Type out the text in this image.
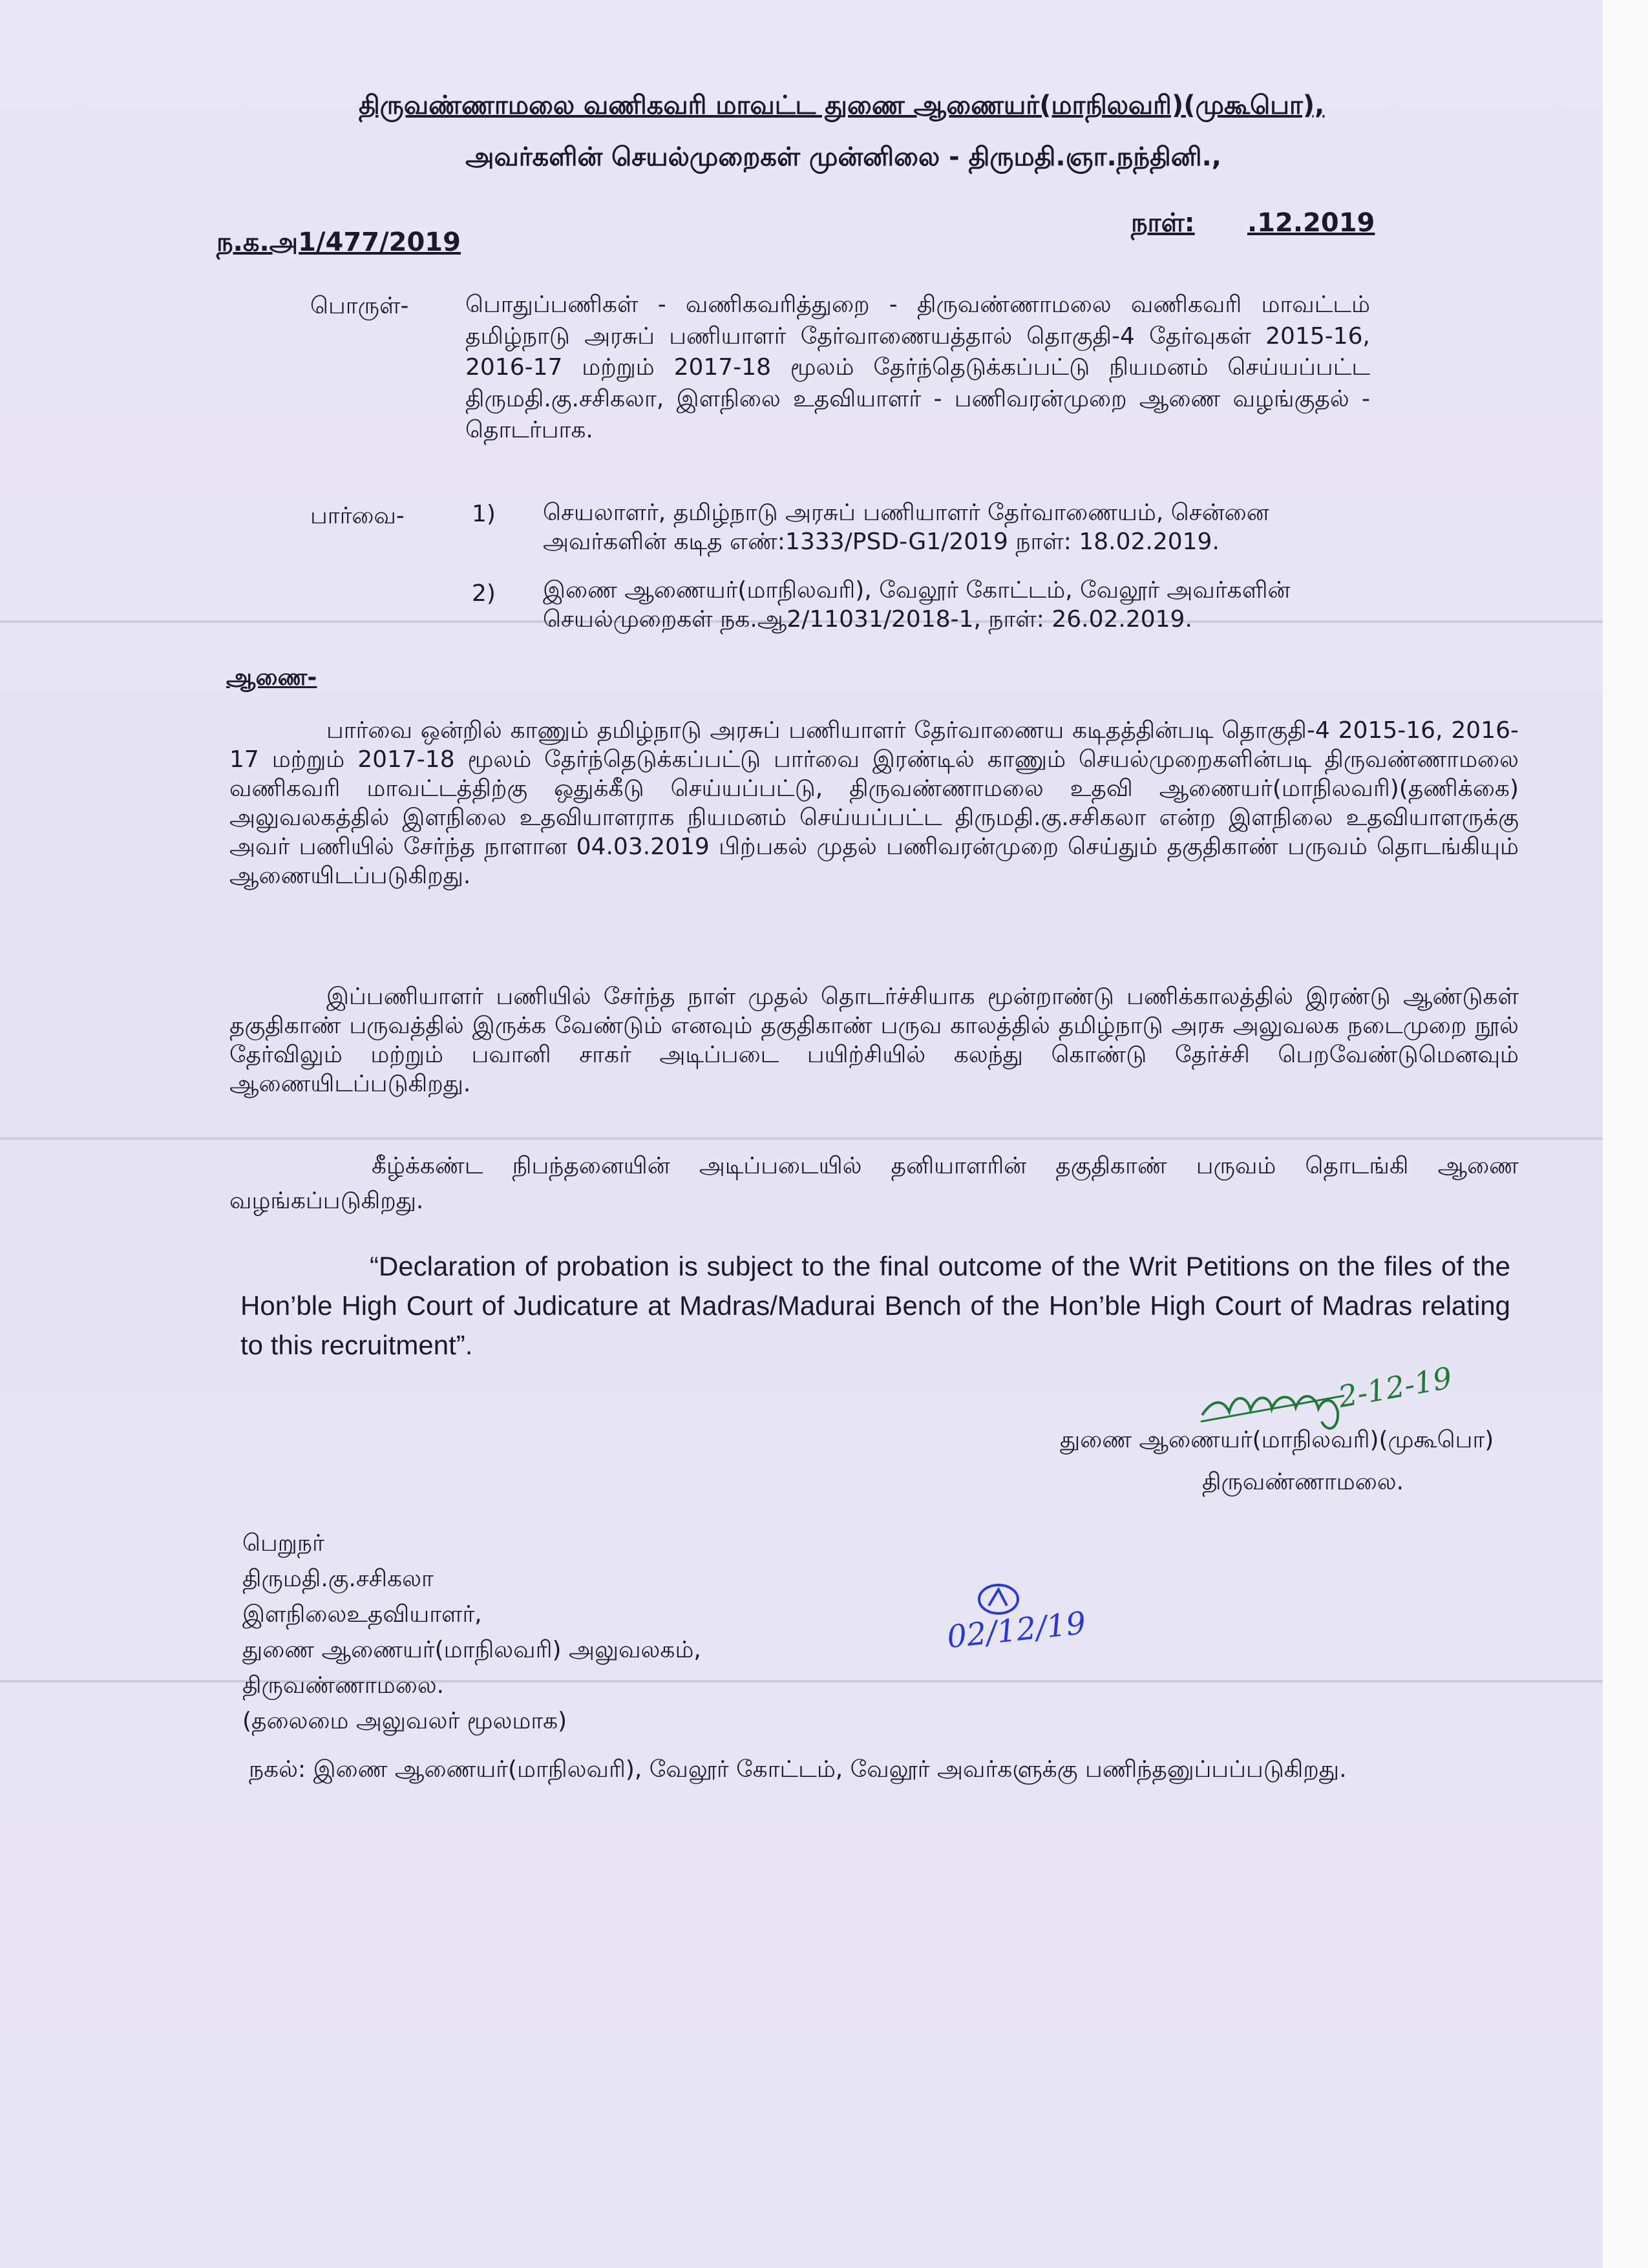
திருவண்ணாமலை வணிகவரி மாவட்ட துணை ஆணையர்(மாநிலவரி)(முகூபொ),
அவர்களின் செயல்முறைகள் முன்னிலை - திருமதி.ஞா.நந்தினி.,
ந.க.அ1/477/2019
நாள்: .12.2019
பொருள்- பொதுப்பணிகள் - வணிகவரித்துறை - திருவண்ணாமலை வணிகவரி மாவட்டம் தமிழ்நாடு அரசுப் பணியாளர் தேர்வாணையத்தால் தொகுதி-4 தேர்வுகள் 2015-16, 2016-17 மற்றும் 2017-18 மூலம் தேர்ந்தெடுக்கப்பட்டு நியமனம் செய்யப்பட்ட திருமதி.கு.சசிகலா, இளநிலை உதவியாளர் - பணிவரன்முறை ஆணை வழங்குதல் - தொடர்பாக.
பார்வை-	1) செயலாளர், தமிழ்நாடு அரசுப் பணியாளர் தேர்வாணையம், சென்னை
அவர்களின் கடித எண்:1333/PSD-G1/2019 நாள்: 18.02.2019.
2) இணை ஆணையர்(மாநிலவரி), வேலூர் கோட்டம், வேலூர் அவர்களின்
செயல்முறைகள் நக.ஆ2/11031/2018-1, நாள்: 26.02.2019.
ஆணை-
பார்வை ஒன்றில் காணும் தமிழ்நாடு அரசுப் பணியாளர் தேர்வாணைய கடிதத்தின்படி தொகுதி-4 2015-16, 2016-17 மற்றும் 2017-18 மூலம் தேர்ந்தெடுக்கப்பட்டு பார்வை இரண்டில் காணும் செயல்முறைகளின்படி திருவண்ணாமலை வணிகவரி மாவட்டத்திற்கு ஒதுக்கீடு செய்யப்பட்டு, திருவண்ணாமலை உதவி ஆணையர்(மாநிலவரி)(தணிக்கை) அலுவலகத்தில் இளநிலை உதவியாளராக நியமனம் செய்யப்பட்ட திருமதி.கு.சசிகலா என்ற இளநிலை உதவியாளருக்கு அவர் பணியில் சேர்ந்த நாளான 04.03.2019 பிற்பகல் முதல் பணிவரன்முறை செய்தும் தகுதிகாண் பருவம் தொடங்கியும் ஆணையிடப்படுகிறது.
இப்பணியாளர் பணியில் சேர்ந்த நாள் முதல் தொடர்ச்சியாக மூன்றாண்டு பணிக்காலத்தில் இரண்டு ஆண்டுகள் தகுதிகாண் பருவத்தில் இருக்க வேண்டும் எனவும் தகுதிகாண் பருவ காலத்தில் தமிழ்நாடு அரசு அலுவலக நடைமுறை நூல் தேர்விலும் மற்றும் பவானி சாகர் அடிப்படை பயிற்சியில் கலந்து கொண்டு தேர்ச்சி பெறவேண்டுமெனவும் ஆணையிடப்படுகிறது.
கீழ்க்கண்ட நிபந்தனையின் அடிப்படையில் தனியாளரின் தகுதிகாண் பருவம் தொடங்கி ஆணை வழங்கப்படுகிறது.
“Declaration of probation is subject to the final outcome of the Writ Petitions on the files of the Hon’ble High Court of Judicature at Madras/Madurai Bench of the Hon’ble High Court of Madras relating to this recruitment”.
2-12-19
துணை ஆணையர்(மாநிலவரி)(முகூபொ)
திருவண்ணாமலை.
பெறுநர்
திருமதி.கு.சசிகலா
இளநிலைஉதவியாளர்,
துணை ஆணையர்(மாநிலவரி) அலுவலகம்,
திருவண்ணாமலை.
(தலைமை அலுவலர் மூலமாக)
02/12/19
நகல்: இணை ஆணையர்(மாநிலவரி), வேலூர் கோட்டம், வேலூர் அவர்களுக்கு பணிந்தனுப்பப்படுகிறது.
